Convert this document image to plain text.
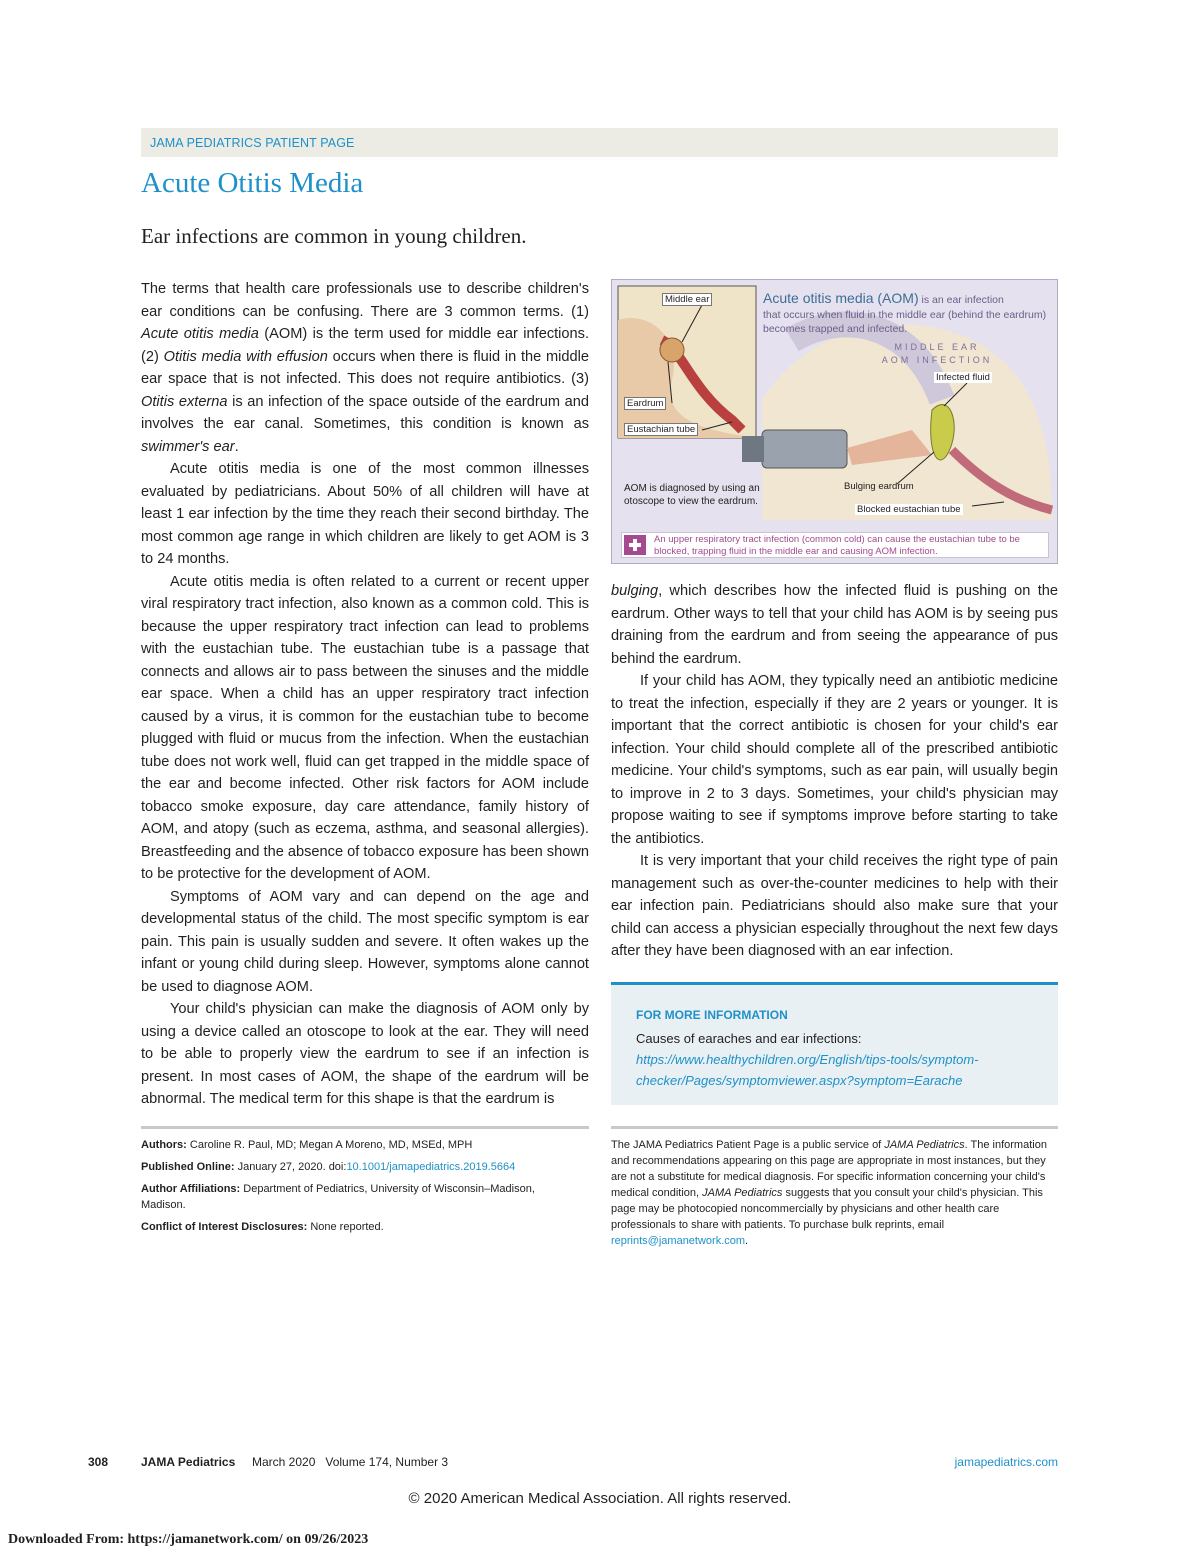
JAMA PEDIATRICS PATIENT PAGE
Acute Otitis Media
Ear infections are common in young children.

The terms that health care professionals use to describe children's ear conditions can be confusing. There are 3 common terms. (1) Acute otitis media (AOM) is the term used for middle ear infections. (2) Otitis media with effusion occurs when there is fluid in the middle ear space that is not infected. This does not require antibiotics. (3) Otitis externa is an infection of the space outside of the eardrum and involves the ear canal. Sometimes, this condition is known as swimmer's ear.

Acute otitis media is one of the most common illnesses evaluated by pediatricians. About 50% of all children will have at least 1 ear infection by the time they reach their second birthday. The most common age range in which children are likely to get AOM is 3 to 24 months.

Acute otitis media is often related to a current or recent upper viral respiratory tract infection, also known as a common cold. This is because the upper respiratory tract infection can lead to problems with the eustachian tube. The eustachian tube is a passage that connects and allows air to pass between the sinuses and the middle ear space. When a child has an upper respiratory tract infection caused by a virus, it is common for the eustachian tube to become plugged with fluid or mucus from the infection. When the eustachian tube does not work well, fluid can get trapped in the middle space of the ear and become infected. Other risk factors for AOM include tobacco smoke exposure, day care attendance, family history of AOM, and atopy (such as eczema, asthma, and seasonal allergies). Breastfeeding and the absence of tobacco exposure has been shown to be protective for the development of AOM.

Symptoms of AOM vary and can depend on the age and developmental status of the child. The most specific symptom is ear pain. This pain is usually sudden and severe. It often wakes up the infant or young child during sleep. However, symptoms alone cannot be used to diagnose AOM.

Your child's physician can make the diagnosis of AOM only by using a device called an otoscope to look at the ear. They will need to be able to properly view the eardrum to see if an infection is present. In most cases of AOM, the shape of the eardrum will be abnormal. The medical term for this shape is that the eardrum is

Middle ear
Eardrum
Eustachian tube
Acute otitis media (AOM) is an ear infection
that occurs when fluid in the middle ear (behind the eardrum) becomes trapped and infected.
MIDDLE EAR
AOM INFECTION
Infected fluid
AOM is diagnosed by using an otoscope to view the eardrum.
Bulging eardrum
Blocked eustachian tube
An upper respiratory tract infection (common cold) can cause the eustachian tube to be blocked, trapping fluid in the middle ear and causing AOM infection.

bulging, which describes how the infected fluid is pushing on the eardrum. Other ways to tell that your child has AOM is by seeing pus draining from the eardrum and from seeing the appearance of pus behind the eardrum.

If your child has AOM, they typically need an antibiotic medicine to treat the infection, especially if they are 2 years or younger. It is important that the correct antibiotic is chosen for your child's ear infection. Your child should complete all of the prescribed antibiotic medicine. Your child's symptoms, such as ear pain, will usually begin to improve in 2 to 3 days. Sometimes, your child's physician may propose waiting to see if symptoms improve before starting to take the antibiotics.

It is very important that your child receives the right type of pain management such as over-the-counter medicines to help with their ear infection pain. Pediatricians should also make sure that your child can access a physician especially throughout the next few days after they have been diagnosed with an ear infection.

FOR MORE INFORMATION
Causes of earaches and ear infections:
https://www.healthychildren.org/English/tips-tools/symptom-
checker/Pages/symptomviewer.aspx?symptom=Earache

Authors: Caroline R. Paul, MD; Megan A Moreno, MD, MSEd, MPH

Published Online: January 27, 2020. doi:10.1001/jamapediatrics.2019.5664

Author Affiliations: Department of Pediatrics, University of Wisconsin–Madison, Madison.

Conflict of Interest Disclosures: None reported.

The JAMA Pediatrics Patient Page is a public service of JAMA Pediatrics. The information and recommendations appearing on this page are appropriate in most instances, but they are not a substitute for medical diagnosis. For specific information concerning your child's medical condition, JAMA Pediatrics suggests that you consult your child's physician. This page may be photocopied noncommercially by physicians and other health care professionals to share with patients. To purchase bulk reprints, email reprints@jamanetwork.com.

308	JAMA Pediatrics March 2020   Volume 174, Number 3	jamapediatrics.com
© 2020 American Medical Association. All rights reserved.
Downloaded From: https://jamanetwork.com/ on 09/26/2023
